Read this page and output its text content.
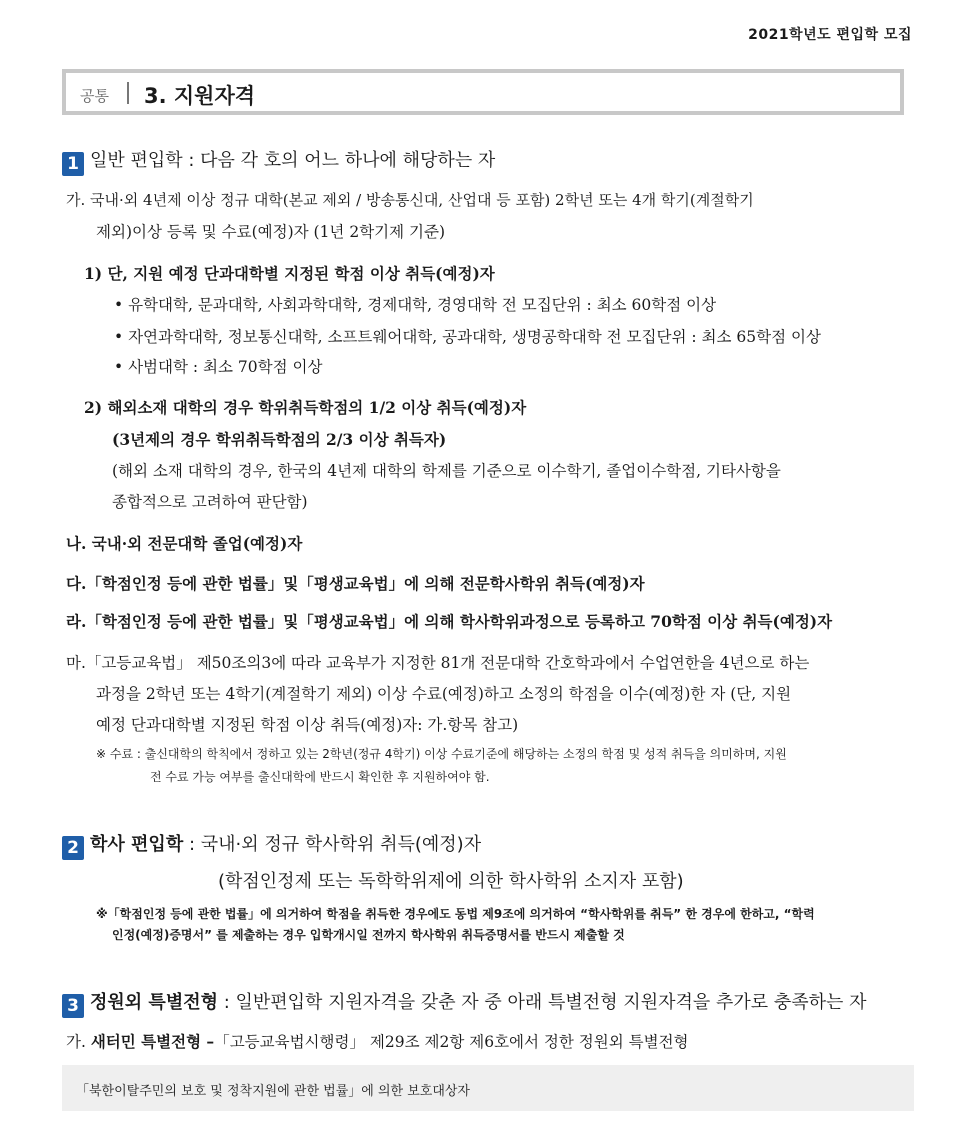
2021학년도 편입학 모집
공통 3. 지원자격
1 일반 편입학 : 다음 각 호의 어느 하나에 해당하는 자
가. 국내·외 4년제 이상 정규 대학(본교 제외 / 방송통신대, 산업대 등 포함) 2학년 또는 4개 학기(계절학기
제외)이상 등록 및 수료(예정)자 (1년 2학기제 기준)
1) 단, 지원 예정 단과대학별 지정된 학점 이상 취득(예정)자
• 유학대학, 문과대학, 사회과학대학, 경제대학, 경영대학 전 모집단위 : 최소 60학점 이상
• 자연과학대학, 정보통신대학, 소프트웨어대학, 공과대학, 생명공학대학 전 모집단위 : 최소 65학점 이상
• 사범대학 : 최소 70학점 이상
2) 해외소재 대학의 경우 학위취득학점의 1/2 이상 취득(예정)자
(3년제의 경우 학위취득학점의 2/3 이상 취득자)
(해외 소재 대학의 경우, 한국의 4년제 대학의 학제를 기준으로 이수학기, 졸업이수학점, 기타사항을
종합적으로 고려하여 판단함)
나. 국내·외 전문대학 졸업(예정)자
다.「학점인정 등에 관한 법률」및「평생교육법」에 의해 전문학사학위 취득(예정)자
라.「학점인정 등에 관한 법률」및「평생교육법」에 의해 학사학위과정으로 등록하고 70학점 이상 취득(예정)자
마.「고등교육법」 제50조의3에 따라 교육부가 지정한 81개 전문대학 간호학과에서 수업연한을 4년으로 하는
과정을 2학년 또는 4학기(계절학기 제외) 이상 수료(예정)하고 소정의 학점을 이수(예정)한 자 (단, 지원
예정 단과대학별 지정된 학점 이상 취득(예정)자: 가.항목 참고)
※ 수료 : 출신대학의 학칙에서 정하고 있는 2학년(정규 4학기) 이상 수료기준에 해당하는 소정의 학점 및 성적 취득을 의미하며, 지원
전 수료 가능 여부를 출신대학에 반드시 확인한 후 지원하여야 함.
2 학사 편입학 : 국내·외 정규 학사학위 취득(예정)자
(학점인정제 또는 독학학위제에 의한 학사학위 소지자 포함)
※「학점인정 등에 관한 법률」에 의거하여 학점을 취득한 경우에도 동법 제9조에 의거하여 “학사학위를 취득” 한 경우에 한하고, “학력
인정(예정)증명서” 를 제출하는 경우 입학개시일 전까지 학사학위 취득증명서를 반드시 제출할 것
3 정원외 특별전형 : 일반편입학 지원자격을 갖춘 자 중 아래 특별전형 지원자격을 추가로 충족하는 자
가. 새터민 특별전형 –「고등교육법시행령」 제29조 제2항 제6호에서 정한 정원외 특별전형
「북한이탈주민의 보호 및 정착지원에 관한 법률」에 의한 보호대상자
